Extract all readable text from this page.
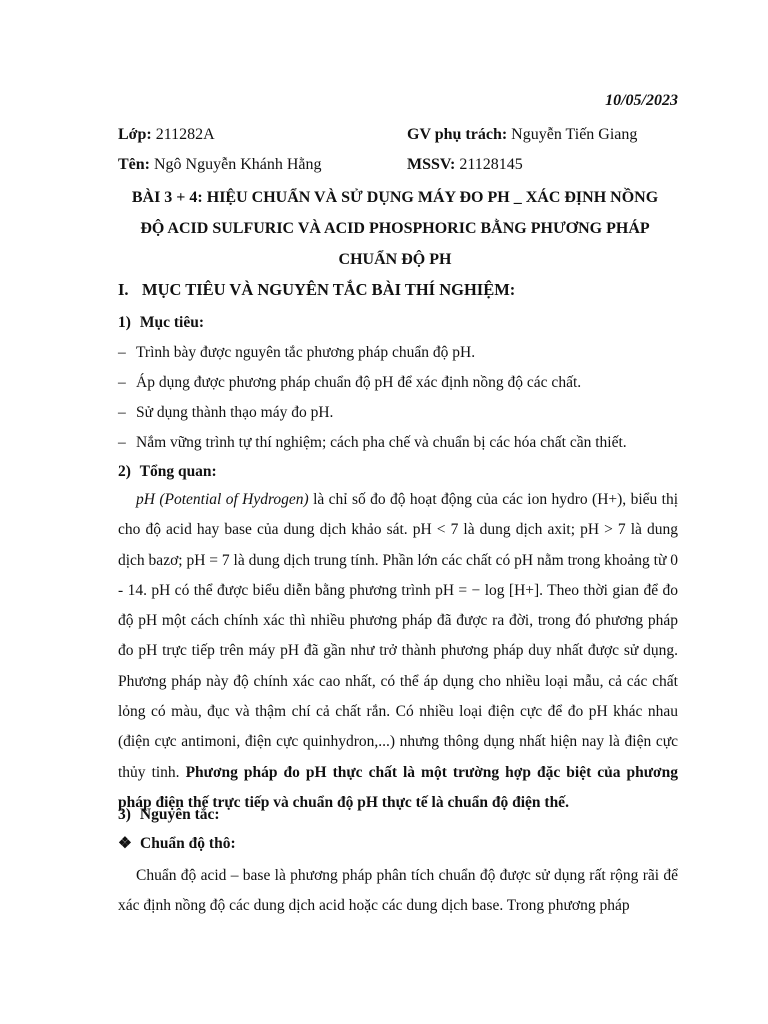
10/05/2023
Lớp: 211282A	GV phụ trách: Nguyễn Tiến Giang
Tên: Ngô Nguyễn Khánh Hằng	MSSV: 21128145
BÀI 3 + 4: HIỆU CHUẨN VÀ SỬ DỤNG MÁY ĐO PH _ XÁC ĐỊNH NỒNG
ĐỘ ACID SULFURIC VÀ ACID PHOSPHORIC BẰNG PHƯƠNG PHÁP
CHUẨN ĐỘ PH
I. MỤC TIÊU VÀ NGUYÊN TẮC BÀI THÍ NGHIỆM:
1) Mục tiêu:
– Trình bày được nguyên tắc phương pháp chuẩn độ pH.
– Áp dụng được phương pháp chuẩn độ pH để xác định nồng độ các chất.
– Sử dụng thành thạo máy đo pH.
– Nắm vững trình tự thí nghiệm; cách pha chế và chuẩn bị các hóa chất cần thiết.
2) Tổng quan:
pH (Potential of Hydrogen) là chỉ số đo độ hoạt động của các ion hydro (H+), biểu thị cho độ acid hay base của dung dịch khảo sát. pH < 7 là dung dịch axit; pH > 7 là dung dịch bazơ; pH = 7 là dung dịch trung tính. Phần lớn các chất có pH nằm trong khoảng từ 0 - 14. pH có thể được biểu diễn bằng phương trình pH = − log [H+]. Theo thời gian để đo độ pH một cách chính xác thì nhiều phương pháp đã được ra đời, trong đó phương pháp đo pH trực tiếp trên máy pH đã gần như trở thành phương pháp duy nhất được sử dụng. Phương pháp này độ chính xác cao nhất, có thể áp dụng cho nhiều loại mẫu, cả các chất lỏng có màu, đục và thậm chí cả chất rắn. Có nhiều loại điện cực để đo pH khác nhau (điện cực antimoni, điện cực quinhydron,...) nhưng thông dụng nhất hiện nay là điện cực thủy tinh. Phương pháp đo pH thực chất là một trường hợp đặc biệt của phương pháp điện thế trực tiếp và chuẩn độ pH thực tế là chuẩn độ điện thế.
3) Nguyên tắc:
❖ Chuẩn độ thô:
Chuẩn độ acid – base là phương pháp phân tích chuẩn độ được sử dụng rất rộng rãi để xác định nồng độ các dung dịch acid hoặc các dung dịch base. Trong phương pháp
